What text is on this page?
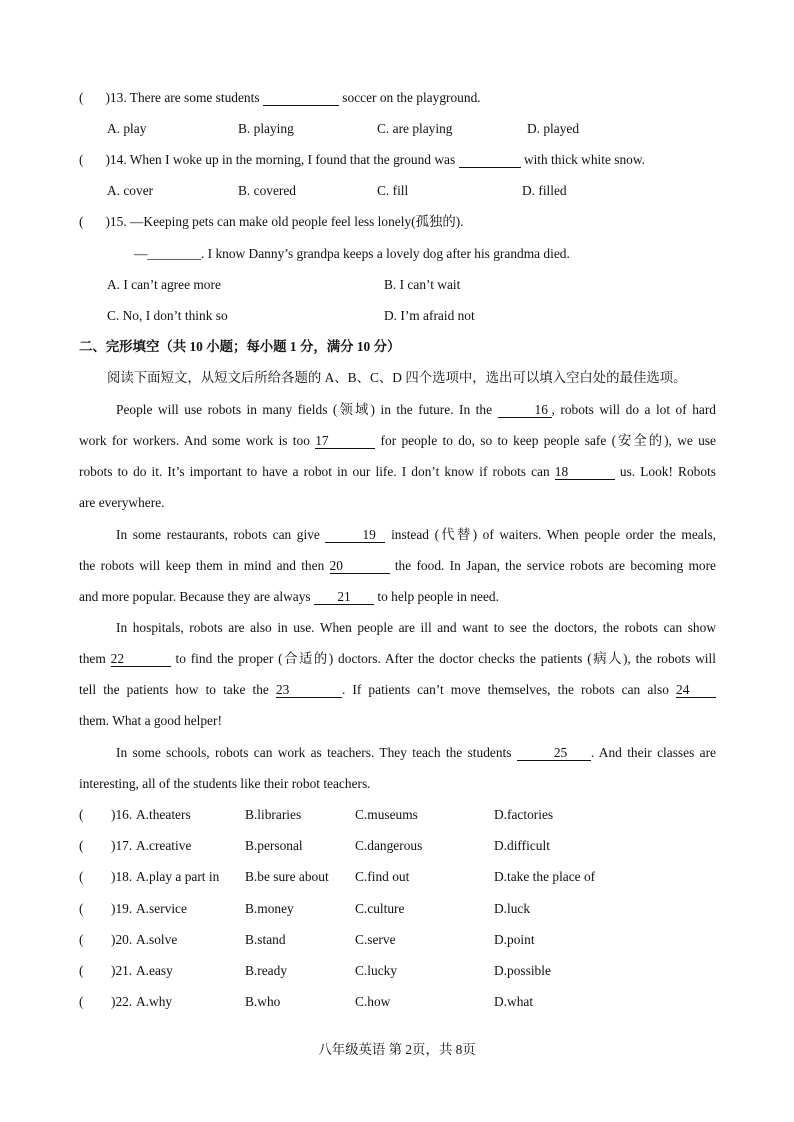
( )13. There are some students	soccer on the playground.
A. play	B. playing	C. are playing	D. played
( )14. When I woke up in the morning, I found that the ground was	with thick white snow.
A. cover	B. covered	C. fill	D. filled
( )15. —Keeping pets can make old people feel less lonely(孤独的).
—________. I know Danny’s grandpa keeps a lovely dog after his grandma died.
A. I can’t agree more	B. I can’t wait
C. No, I don’t think so	D. I’m afraid not
二、完形填空（共 10 小题；每小题 1 分，满分 10 分）
阅读下面短文，从短文后所给各题的 A、B、C、D 四个选项中，选出可以填入空白处的最佳选项。
People will use robots in many fields (领域) in the future. In the	16 , robots will do a lot of hard
work for workers. And some work is too 17	for people to do, so to keep people safe (安全的), we use
robots to do it. It’s important to have a robot in our life. I don’t know if robots can 18	us. Look! Robots
are everywhere.
In some restaurants, robots can give	19 instead (代替) of waiters. When people order the meals,
the robots will keep them in mind and then 20	the food. In Japan, the service robots are becoming more
and more popular. Because they are always 21 to help people in need.
In hospitals, robots are also in use. When people are ill and want to see the doctors, the robots can show
them 22	to find the proper (合适的) doctors. After the doctor checks the patients (病人), the robots will
tell the patients how to take the 23	. If patients can’t move themselves, the robots can also 24
them. What a good helper!
In some schools, robots can work as teachers. They teach the students	25 . And their classes are
interesting, all of the students like their robot teachers.
( )16. A.theaters	B.libraries	C.museums	D.factories
( )17. A.creative	B.personal	C.dangerous	D.difficult
( )18. A.play a part in B.be sure about C.find out	D.take the place of
( )19. A.service	B.money	C.culture	D.luck
( )20. A.solve	B.stand	C.serve	D.point
( )21. A.easy	B.ready	C.lucky	D.possible
( )22. A.why	B.who	C.how	D.what
八年级英语 第 2页，共 8页
